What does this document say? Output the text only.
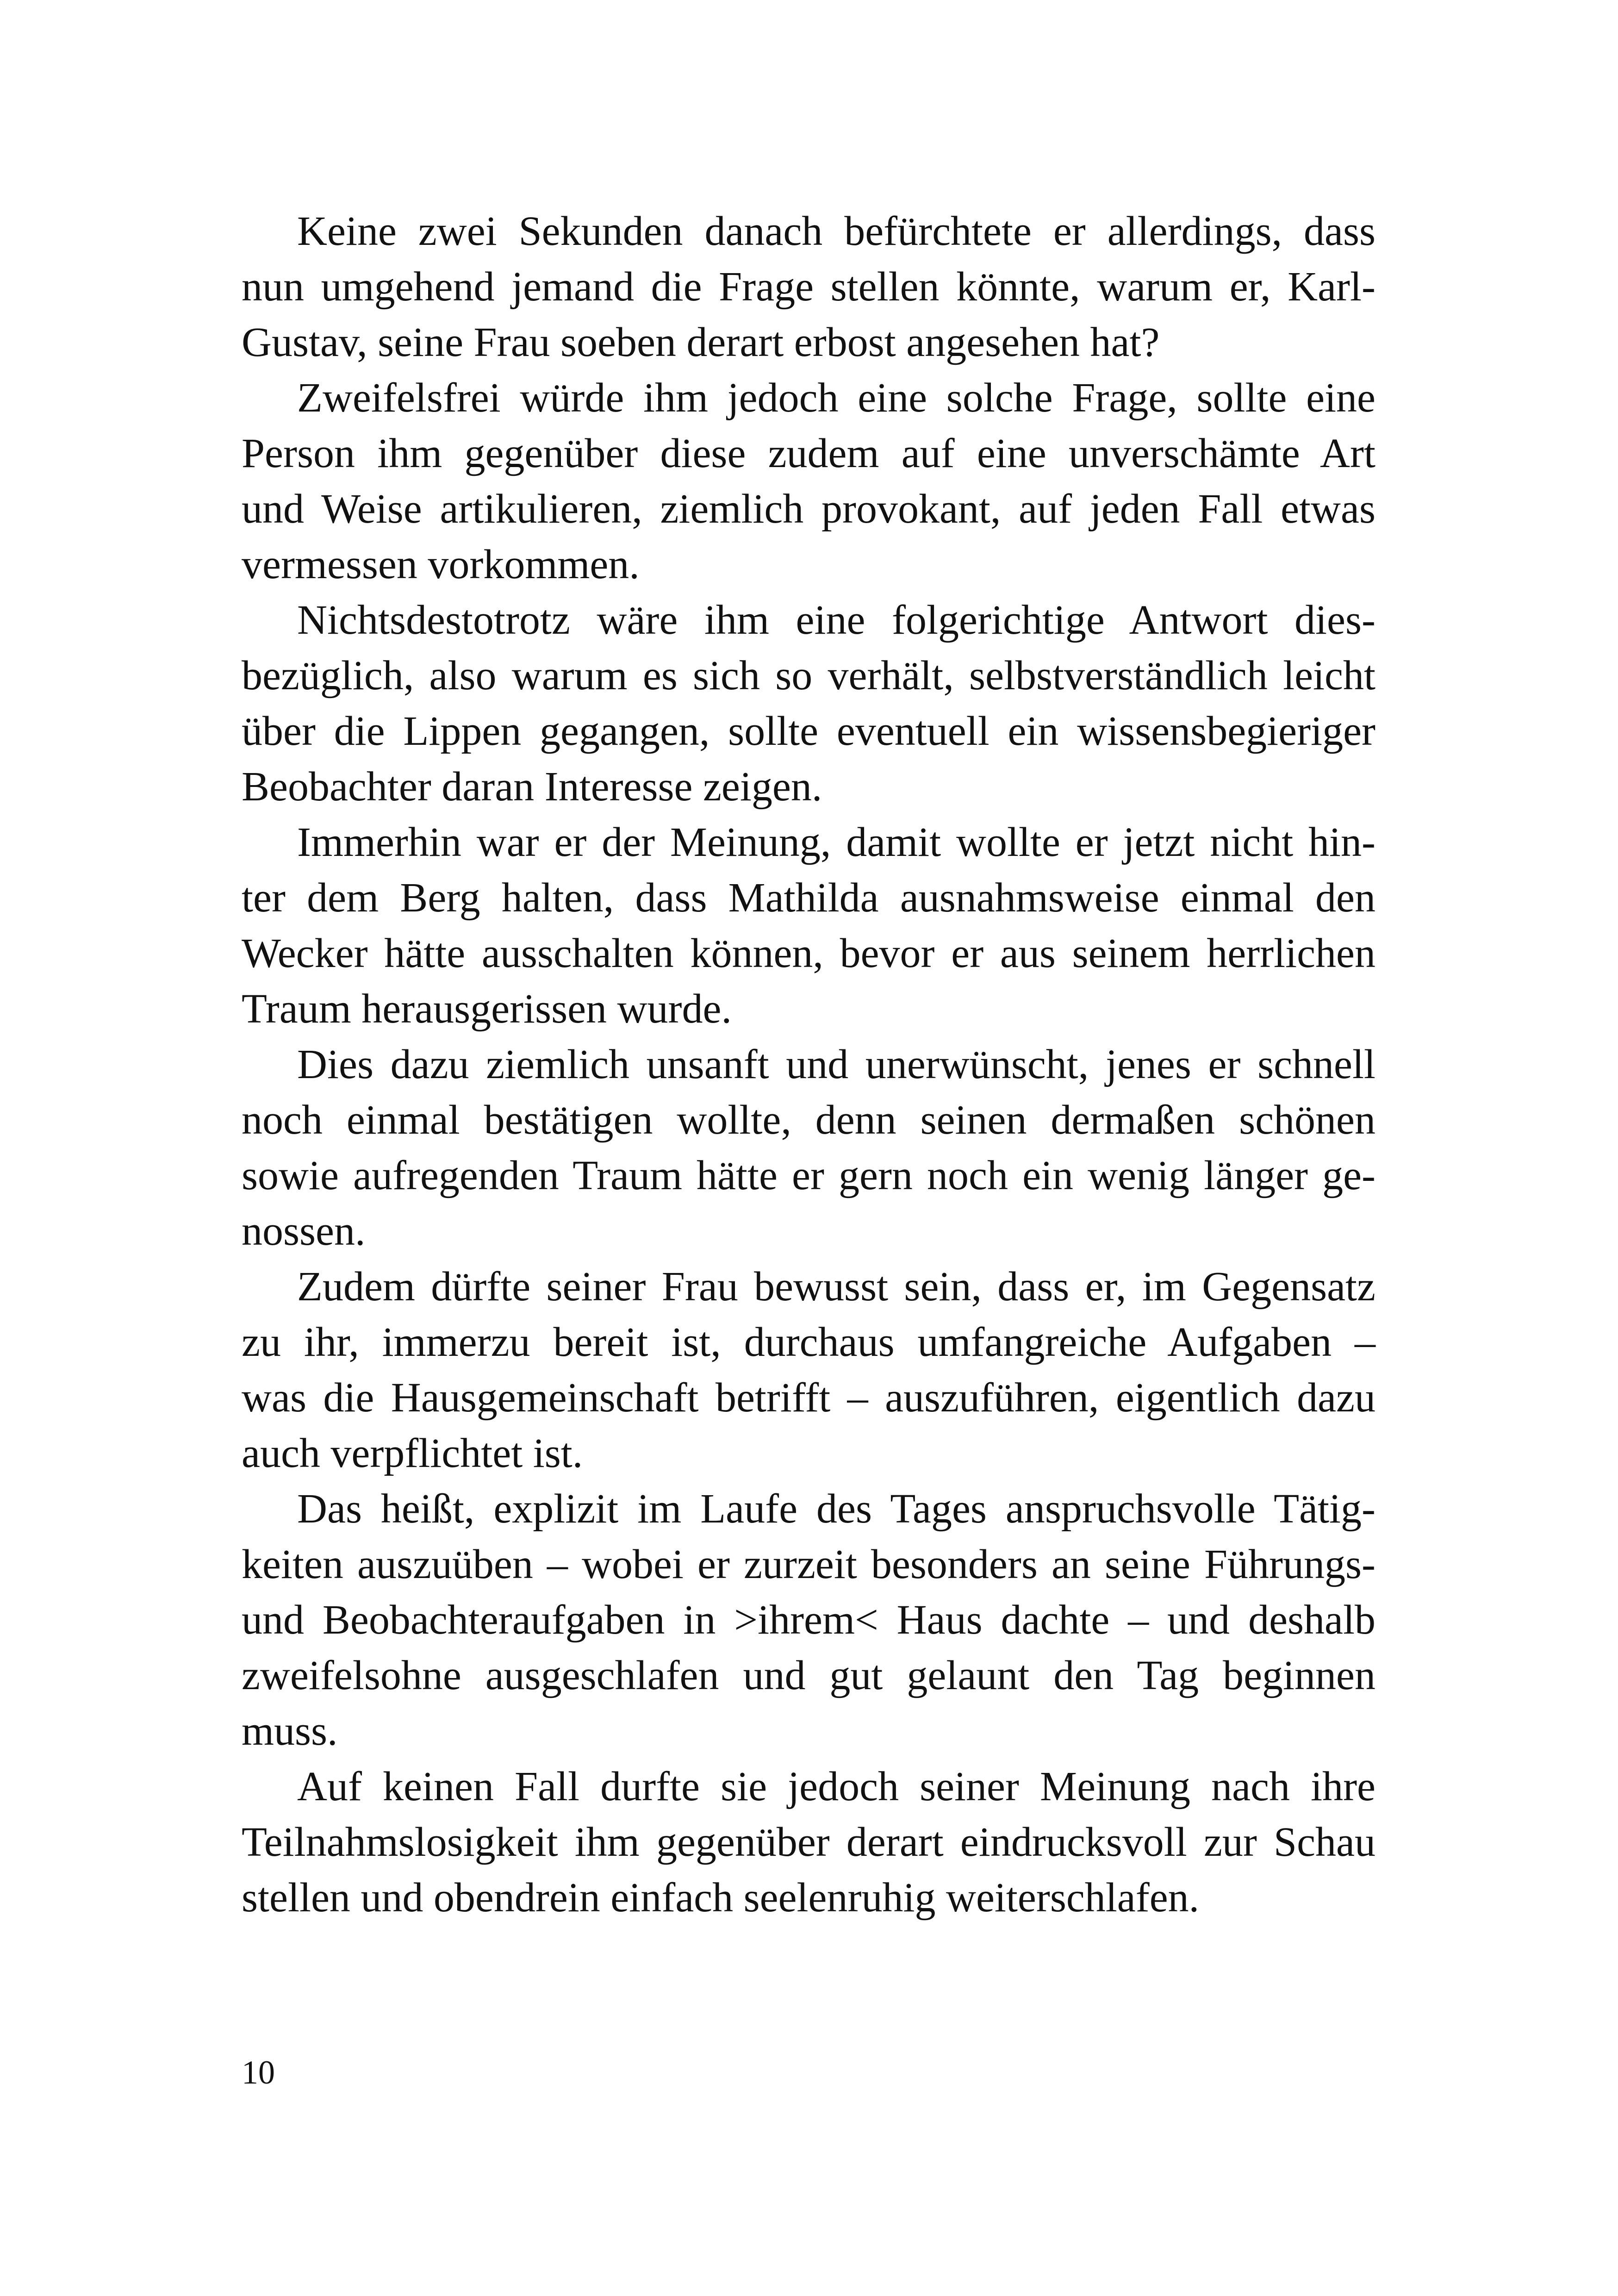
Keine zwei Sekunden danach befürchtete er allerdings, dass
nun umgehend jemand die Frage stellen könnte, warum er, Karl-
Gustav, seine Frau soeben derart erbost angesehen hat?

Zweifelsfrei würde ihm jedoch eine solche Frage, sollte eine
Person ihm gegenüber diese zudem auf eine unverschämte Art
und Weise artikulieren, ziemlich provokant, auf jeden Fall etwas
vermessen vorkommen.

Nichtsdestotrotz wäre ihm eine folgerichtige Antwort dies-
bezüglich, also warum es sich so verhält, selbstverständlich leicht
über die Lippen gegangen, sollte eventuell ein wissensbegieriger
Beobachter daran Interesse zeigen.

Immerhin war er der Meinung, damit wollte er jetzt nicht hin-
ter dem Berg halten, dass Mathilda ausnahmsweise einmal den
Wecker hätte ausschalten können, bevor er aus seinem herrlichen
Traum herausgerissen wurde.

Dies dazu ziemlich unsanft und unerwünscht, jenes er schnell
noch einmal bestätigen wollte, denn seinen dermaßen schönen
sowie aufregenden Traum hätte er gern noch ein wenig länger ge-
nossen.

Zudem dürfte seiner Frau bewusst sein, dass er, im Gegensatz
zu ihr, immerzu bereit ist, durchaus umfangreiche Aufgaben –
was die Hausgemeinschaft betrifft – auszuführen, eigentlich dazu
auch verpflichtet ist.

Das heißt, explizit im Laufe des Tages anspruchsvolle Tätig-
keiten auszuüben – wobei er zurzeit besonders an seine Führungs-
und Beobachteraufgaben in >ihrem< Haus dachte – und deshalb
zweifelsohne ausgeschlafen und gut gelaunt den Tag beginnen
muss.

Auf keinen Fall durfte sie jedoch seiner Meinung nach ihre
Teilnahmslosigkeit ihm gegenüber derart eindrucksvoll zur Schau
stellen und obendrein einfach seelenruhig weiterschlafen.

10
